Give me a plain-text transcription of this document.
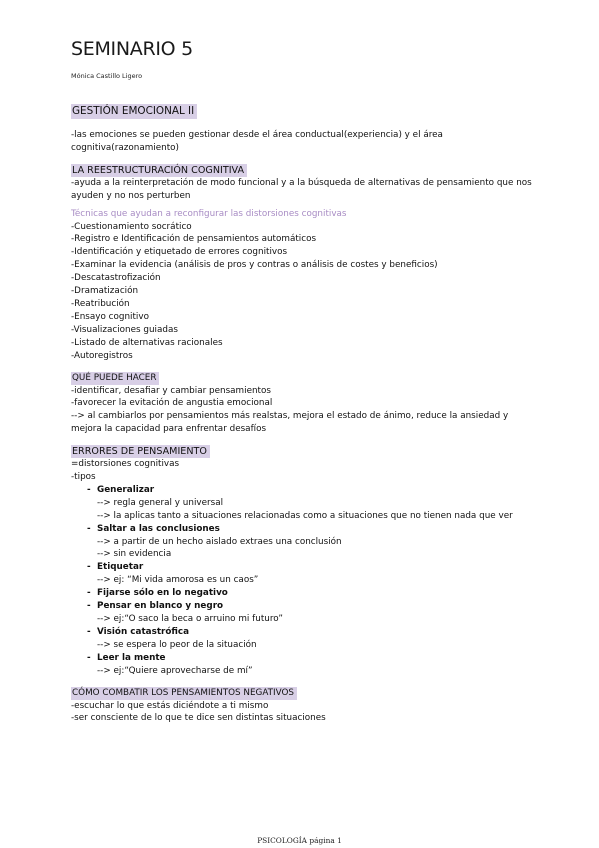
SEMINARIO 5
Mónica Castillo Ligero
GESTIÓN EMOCIONAL II
-las emociones se pueden gestionar desde el área conductual(experiencia) y el área cognitiva(razonamiento)
LA REESTRUCTURACIÓN COGNITIVA
-ayuda a la reinterpretación de modo funcional y a la búsqueda de alternativas de pensamiento que nos ayuden y no nos perturben
Técnicas que ayudan a reconfigurar las distorsiones cognitivas
-Cuestionamiento socrático
-Registro e Identificación de pensamientos automáticos
-Identificación y etiquetado de errores cognitivos
-Examinar la evidencia (análisis de pros y contras o análisis de costes y beneficios)
-Descatastrofización
-Dramatización
-Reatribución
-Ensayo cognitivo
-Visualizaciones guiadas
-Listado de alternativas racionales
-Autoregistros
QUÉ PUEDE HACER
-identificar, desafiar y cambiar pensamientos
-favorecer la evitación de angustia emocional
--> al cambiarlos por pensamientos más realstas, mejora el estado de ánimo, reduce la ansiedad y mejora la capacidad para enfrentar desafíos
ERRORES DE PENSAMIENTO
=distorsiones cognitivas
-tipos
- Generalizar
--> regla general y universal
--> la aplicas tanto a situaciones relacionadas como a situaciones que no tienen nada que ver
- Saltar a las conclusiones
--> a partir de un hecho aislado extraes una conclusión
--> sin evidencia
- Etiquetar
--> ej: “Mi vida amorosa es un caos”
- Fijarse sólo en lo negativo
- Pensar en blanco y negro
--> ej:“O saco la beca o arruino mi futuro”
- Visión catastrófica
--> se espera lo peor de la situación
- Leer la mente
--> ej:“Quiere aprovecharse de mí”
CÓMO COMBATIR LOS PENSAMIENTOS NEGATIVOS
-escuchar lo que estás diciéndote a ti mismo
-ser consciente de lo que te dice sen distintas situaciones
PSICOLOGÍA página 1
